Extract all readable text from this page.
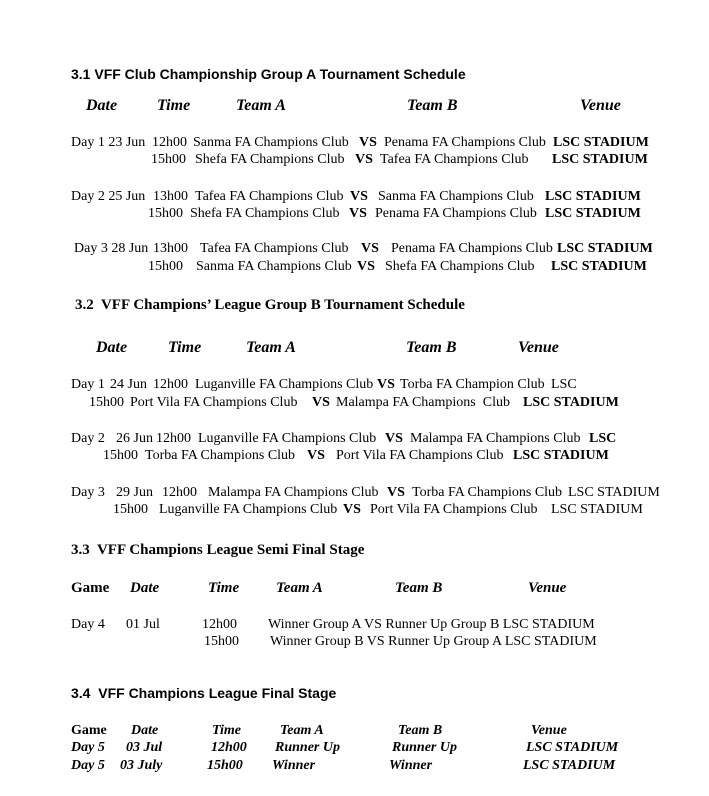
3.1 VFF Club Championship Group A Tournament Schedule
Date Time	Team A	Team B	Venue
Day 1 23 Jun 12h00 Sanma FA Champions Club VS Penama FA Champions Club LSC STADIUM
15h00 Shefa FA Champions Club VS Tafea FA Champions Club LSC STADIUM
Day 2 25 Jun 13h00 Tafea FA Champions Club VS Sanma FA Champions Club LSC STADIUM
15h00 Shefa FA Champions Club VS Penama FA Champions Club LSC STADIUM
Day 3 28 Jun 13h00 Tafea FA Champions Club VS Penama FA Champions Club LSC STADIUM
15h00 Sanma FA Champions Club VS Shefa FA Champions Club LSC STADIUM
3.2  VFF Champions’ League Group B Tournament Schedule
Date	Time	Team A	Team B	Venue
Day 1 24 Jun 12h00 Luganville FA Champions Club VS Torba FA Champion Club LSC
15h00 Port Vila FA Champions Club VS Malampa FA Champions  Club LSC STADIUM
Day 2 26 Jun 12h00 Luganville FA Champions Club VS Malampa FA Champions Club LSC
15h00 Torba FA Champions Club VS Port Vila FA Champions Club LSC STADIUM
Day 3 29 Jun 12h00 Malampa FA Champions Club VS Torba FA Champions Club LSC STADIUM
15h00 Luganville FA Champions Club VS Port Vila FA Champions Club LSC STADIUM
3.3  VFF Champions League Semi Final Stage
Game Date	Time Team A	Team B	Venue
Day 4 01 Jul	12h00 Winner Group A VS Runner Up Group B LSC STADIUM
15h00 Winner Group B VS Runner Up Group A LSC STADIUM
3.4  VFF Champions League Final Stage
Game Date	Time	Team A	Team B	Venue
Day 5 03 Jul	12h00 Runner Up	Runner Up	LSC STADIUM
Day 5 03 July	15h00 Winner	Winner	LSC STADIUM
